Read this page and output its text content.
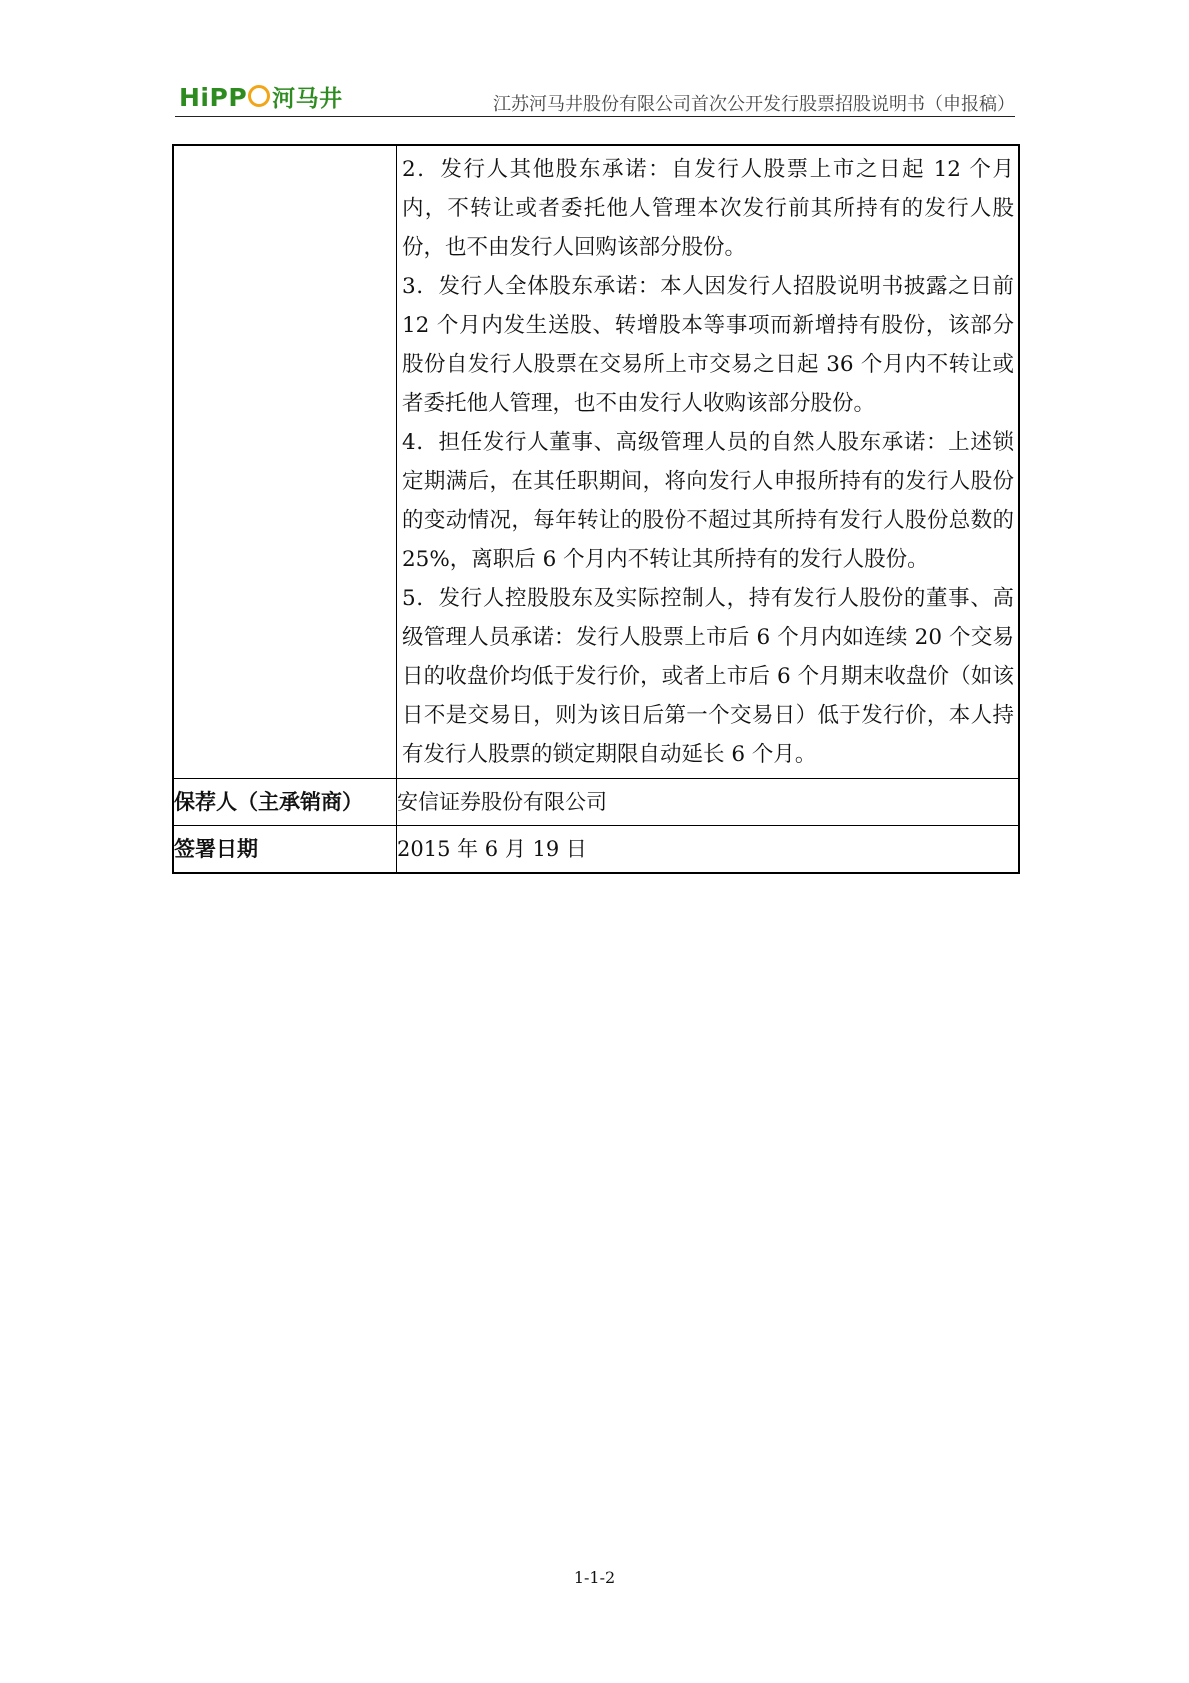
HiPP 河马井	江苏河马井股份有限公司首次公开发行股票招股说明书（申报稿）

	2．发行人其他股东承诺：自发行人股票上市之日起 12 个月内，不转让或者委托他人管理本次发行前其所持有的发行人股份，也不由发行人回购该部分股份。

3．发行人全体股东承诺：本人因发行人招股说明书披露之日前 12 个月内发生送股、转增股本等事项而新增持有股份，该部分股份自发行人股票在交易所上市交易之日起 36 个月内不转让或者委托他人管理，也不由发行人收购该部分股份。

4．担任发行人董事、高级管理人员的自然人股东承诺：上述锁定期满后，在其任职期间，将向发行人申报所持有的发行人股份的变动情况，每年转让的股份不超过其所持有发行人股份总数的 25%，离职后 6 个月内不转让其所持有的发行人股份。

5．发行人控股股东及实际控制人，持有发行人股份的董事、高级管理人员承诺：发行人股票上市后 6 个月内如连续 20 个交易日的收盘价均低于发行价，或者上市后 6 个月期末收盘价（如该日不是交易日，则为该日后第一个交易日）低于发行价，本人持有发行人股票的锁定期限自动延长 6 个月。

保荐人（主承销商）	安信证券股份有限公司
签署日期	2015 年 6 月 19 日
1-1-2
